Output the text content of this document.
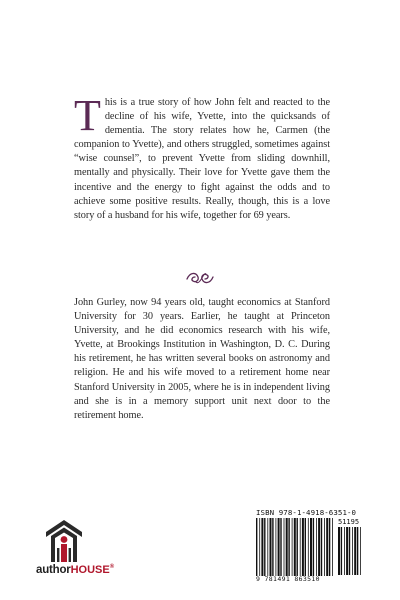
This is a true story of how John felt and reacted to the decline of his wife, Yvette, into the quicksands of dementia. The story relates how he, Carmen (the companion to Yvette), and others struggled, sometimes against “wise counsel”, to prevent Yvette from sliding downhill, mentally and physically. Their love for Yvette gave them the incentive and the energy to fight against the odds and to achieve some positive results. Really, though, this is a love story of a husband for his wife, together for 69 years.
John Gurley, now 94 years old, taught economics at Stanford University for 30 years. Earlier, he taught at Princeton University, and he did economics research with his wife, Yvette, at Brookings Institution in Washington, D. C. During his retirement, he has written several books on astronomy and religion. He and his wife moved to a retirement home near Stanford University in 2005, where he is in independent living and she is in a memory support unit next door to the retirement home.
authorHOUSE®
ISBN 978-1-4918-6351-0
51195
9 781491 863510
